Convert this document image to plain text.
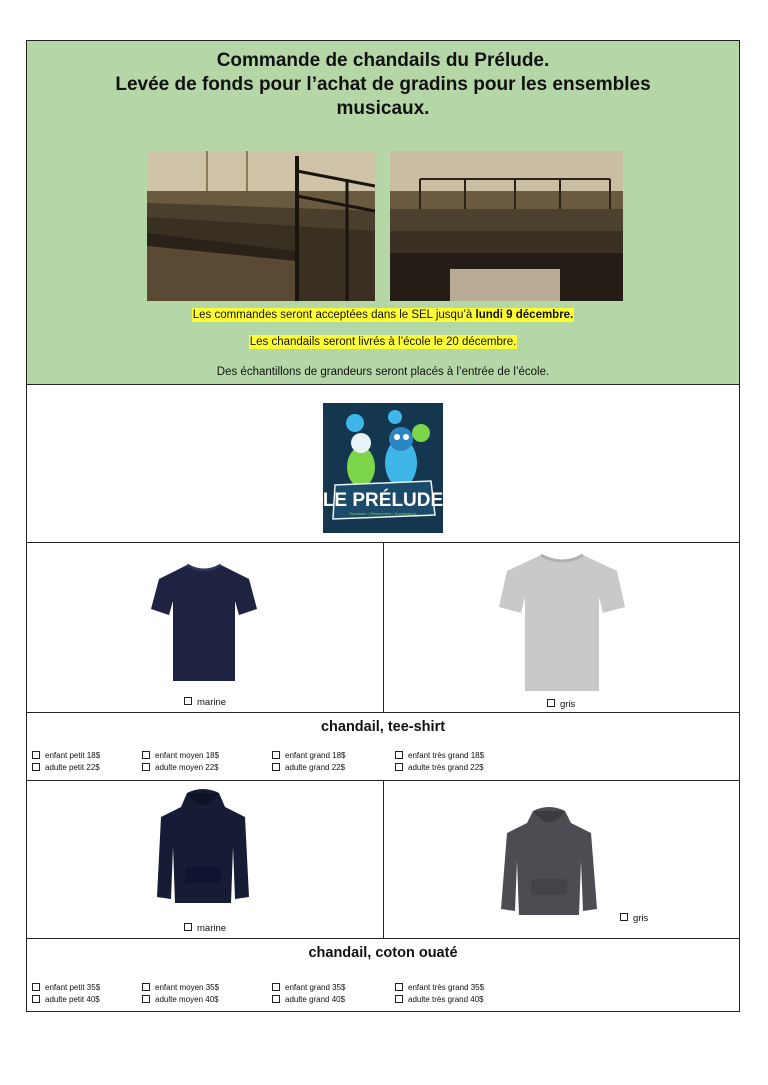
Commande de chandails du Prélude.
Levée de fonds pour l’achat de gradins pour les ensembles
musicaux.
Les commandes seront acceptées dans le SEL jusqu’à lundi 9 décembre.
Les chandails seront livrés à l’école le 20 décembre.
Des échantillons de grandeurs seront placés à l’entrée de l’école.
LE PRÉLUDE
Damasse • Recherches • Expressions
marine	gris
chandail, tee-shirt
enfant petit 18$	enfant moyen 18$	enfant grand 18$	enfant très grand 18$
adulte petit 22$	adulte moyen 22$	adulte grand 22$	adulte très grand 22$
marine
gris
chandail, coton ouaté
enfant petit 35$	enfant moyen 35$	enfant grand 35$	enfant très grand 35$
adulte petit 40$	adulte moyen 40$	adulte grand 40$	adulte très grand 40$
